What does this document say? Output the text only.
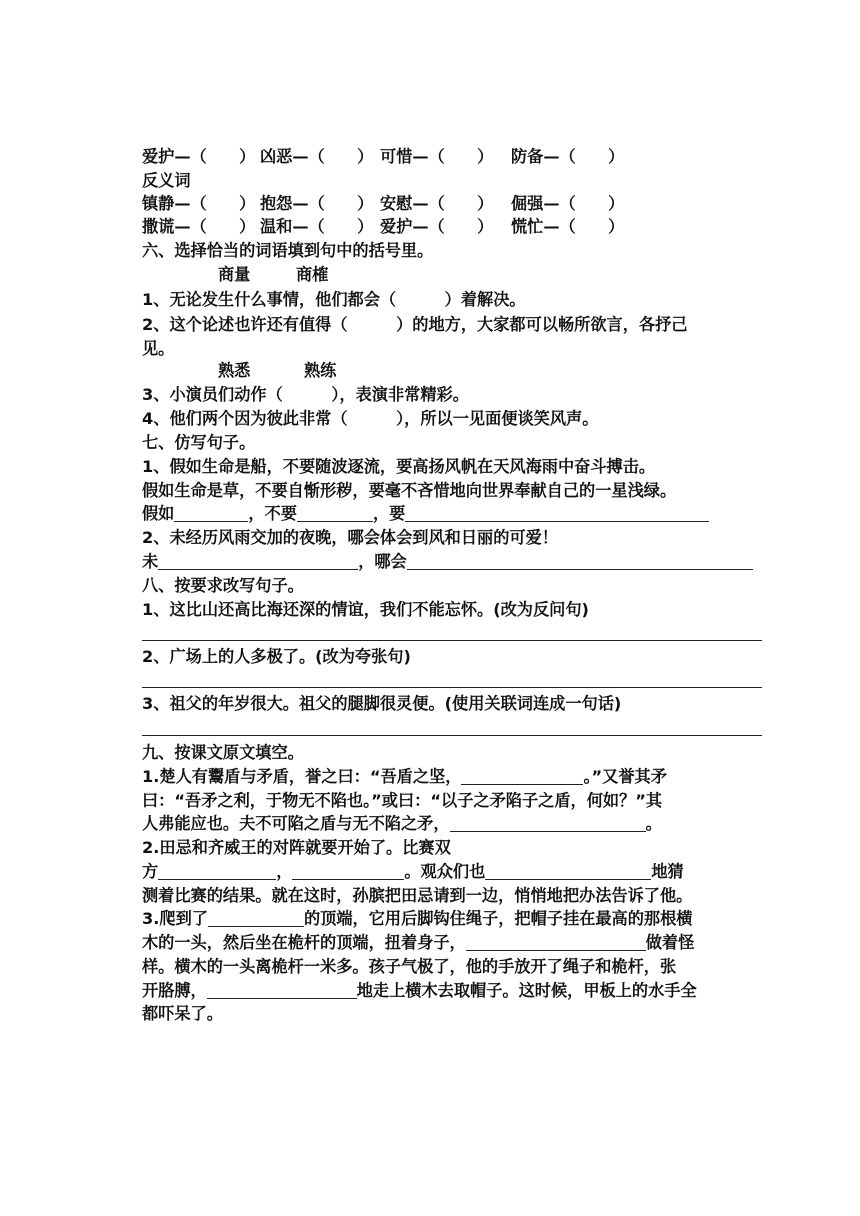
爱护—（　　） 凶恶—（　　） 可惜—（　　） 防备—（　　）
反义词
镇静—（　　） 抱怨—（　　） 安慰—（　　） 倔强—（　　）
撒谎—（　　） 温和—（　　） 爱护—（　　） 慌忙—（　　）
六、选择恰当的词语填到句中的括号里。
商量	商榷
1、无论发生什么事情，他们都会（　　　）着解决。
2、这个论述也许还有值得（　　　）的地方，大家都可以畅所欲言，各抒己
见。
熟悉	熟练
3、小演员们动作（　　　），表演非常精彩。
4、他们两个因为彼此非常（　　　），所以一见面便谈笑风声。
七、仿写句子。
1、假如生命是船，不要随波逐流，要高扬风帆在天风海雨中奋斗搏击。
假如生命是草，不要自惭形秽，要毫不吝惜地向世界奉献自己的一星浅绿。
假如	，不要	，要
2、未经历风雨交加的夜晚，哪会体会到风和日丽的可爱！
未	，哪会
八、按要求改写句子。
1、这比山还高比海还深的情谊，我们不能忘怀。(改为反问句)
2、广场上的人多极了。(改为夸张句)
3、祖父的年岁很大。祖父的腿脚很灵便。(使用关联词连成一句话)
九、按课文原文填空。
1.楚人有鬻盾与矛盾，誉之曰：“吾盾之坚，	。”又誉其矛
曰：“吾矛之利，于物无不陷也。”或曰：“以子之矛陷子之盾，何如？”其
人弗能应也。夫不可陷之盾与无不陷之矛，	。
2.田忌和齐威王的对阵就要开始了。比赛双
方	，	。观众们也	地猜
测着比赛的结果。就在这时，孙膑把田忌请到一边，悄悄地把办法告诉了他。
3.爬到了	的顶端，它用后脚钩住绳子，把帽子挂在最高的那根横
木的一头，然后坐在桅杆的顶端，扭着身子，	做着怪
样。横木的一头离桅杆一米多。孩子气极了，他的手放开了绳子和桅杆，张
开胳膊，	地走上横木去取帽子。这时候，甲板上的水手全
都吓呆了。
